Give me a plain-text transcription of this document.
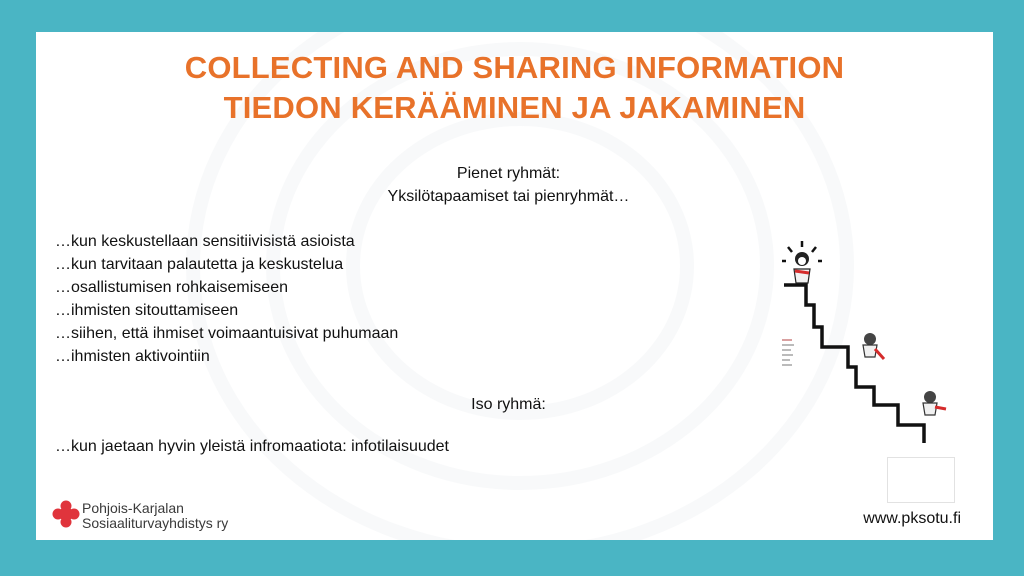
COLLECTING AND SHARING INFORMATION
TIEDON KERÄÄMINEN JA JAKAMINEN
Pienet ryhmät:
Yksilötapaamiset tai pienryhmät…
…kun keskustellaan sensitiivisistä asioista
…kun tarvitaan palautetta ja keskustelua
…osallistumisen rohkaisemiseen
…ihmisten sitouttamiseen
…siihen, että ihmiset voimaantuisivat puhumaan
…ihmisten aktivointiin
Iso ryhmä:
…kun jaetaan hyvin yleistä infromaatiota: infotilaisuudet
Pohjois-Karjalan
Sosiaaliturvayhdistys ry	www.pksotu.fi
